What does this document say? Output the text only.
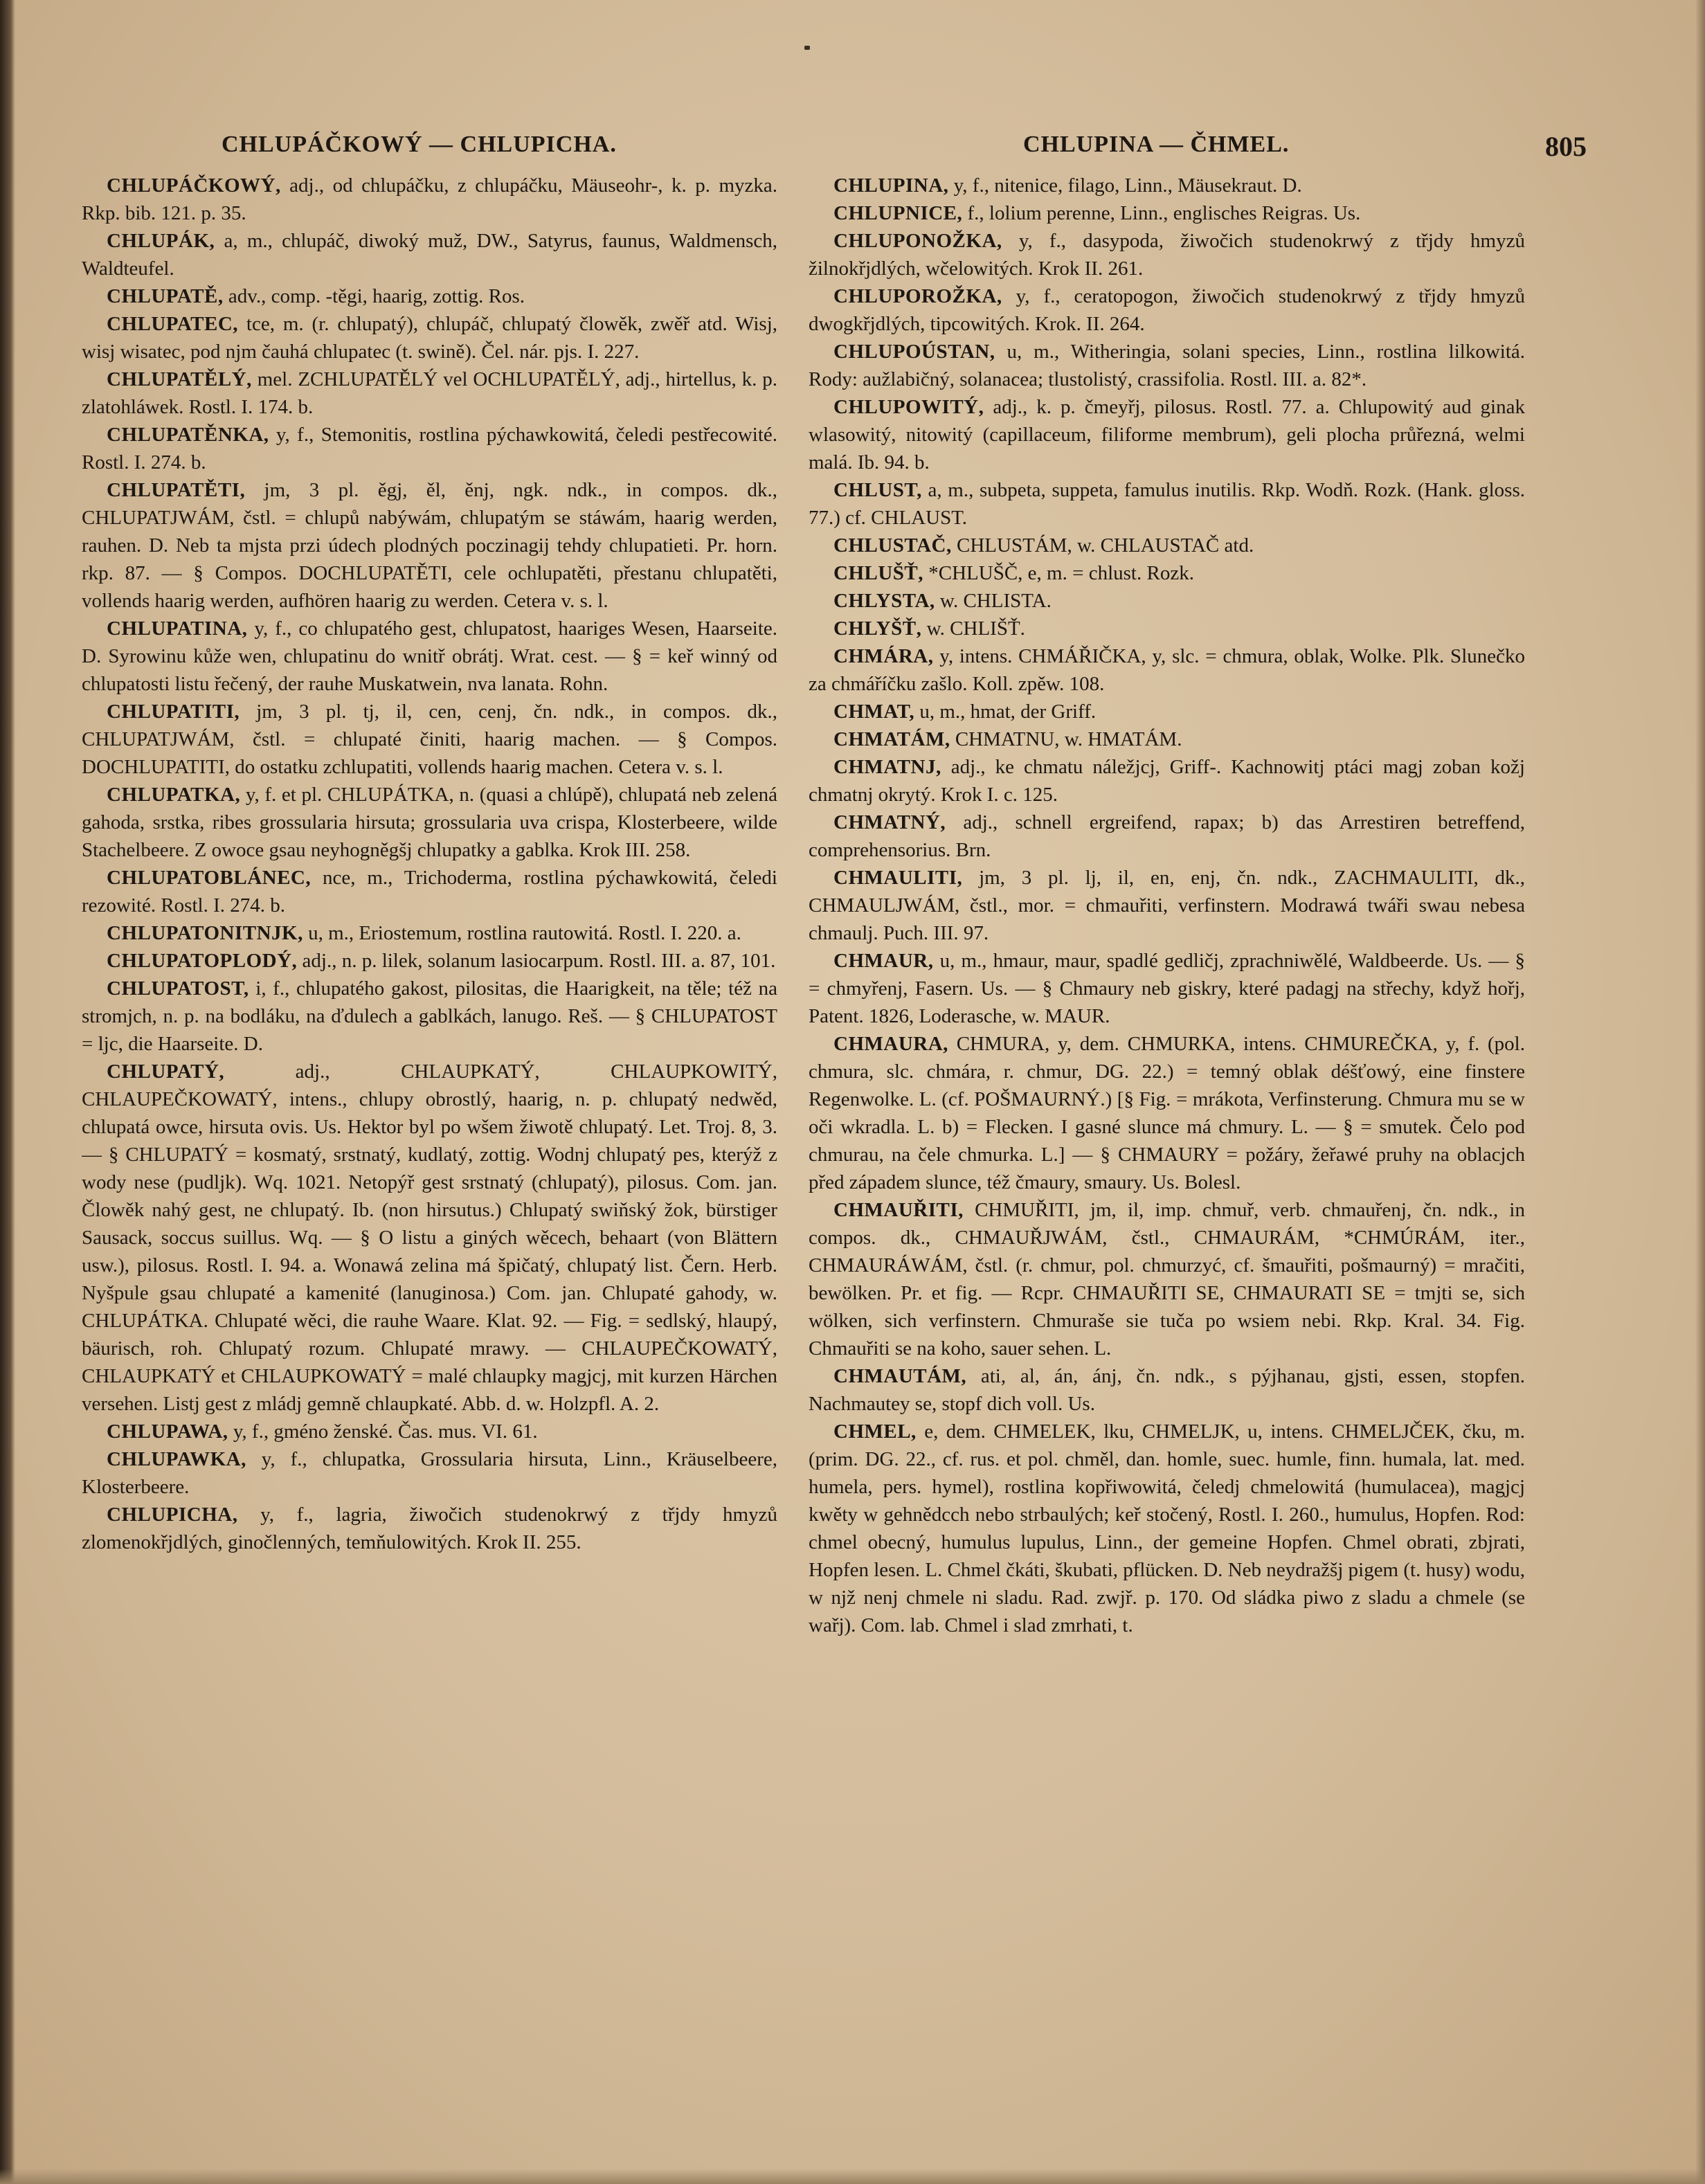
CHLUPÁČKOWÝ — CHLUPICHA.	CHLUPINA — ČHMEL.	805

CHLUPÁČKOWÝ, adj., od chlupáčku, z chlupáčku, Mäuseohr-, k. p. myzka. Rkp. bib. 121. p. 35.

CHLUPÁK, a, m., chlupáč, diwoký muž, DW., Satyrus, faunus, Waldmensch, Waldteufel.

CHLUPATĚ, adv., comp. -těgi, haarig, zottig. Ros.

CHLUPATEC, tce, m. (r. chlupatý), chlupáč, chlupatý člowěk, zwěř atd. Wisj, wisj wisatec, pod njm čauhá chlupatec (t. swině). Čel. nár. pjs. I. 227.

CHLUPATĚLÝ, mel. ZCHLUPATĚLÝ vel OCHLUPATĚLÝ, adj., hirtellus, k. p. zlatohláwek. Rostl. I. 174. b.

CHLUPATĚNKA, y, f., Stemonitis, rostlina pýchawkowitá, čeledi pestřecowité. Rostl. I. 274. b.

CHLUPATĚTI, jm, 3 pl. ěgj, ěl, ěnj, ngk. ndk., in compos. dk., CHLUPATJWÁM, čstl. = chlupů nabýwám, chlupatým se stáwám, haarig werden, rauhen. D. Neb ta mjsta przi údech plodných poczinagij tehdy chlupatieti. Pr. horn. rkp. 87. — § Compos. DOCHLUPATĚTI, cele ochlupatěti, přestanu chlupatěti, vollends haarig werden, aufhören haarig zu werden. Cetera v. s. l.

CHLUPATINA, y, f., co chlupatého gest, chlupatost, haariges Wesen, Haarseite. D. Syrowinu kůže wen, chlupatinu do wnitř obrátj. Wrat. cest. — § = keř winný od chlupatosti listu řečený, der rauhe Muskatwein, nva lanata. Rohn.

CHLUPATITI, jm, 3 pl. tj, il, cen, cenj, čn. ndk., in compos. dk., CHLUPATJWÁM, čstl. = chlupaté činiti, haarig machen. — § Compos. DOCHLUPATITI, do ostatku zchlupatiti, vollends haarig machen. Cetera v. s. l.

CHLUPATKA, y, f. et pl. CHLUPÁTKA, n. (quasi a chlúpě), chlupatá neb zelená gahoda, srstka, ribes grossularia hirsuta; grossularia uva crispa, Klosterbeere, wilde Stachelbeere. Z owoce gsau neyhogněgšj chlupatky a gablka. Krok III. 258.

CHLUPATOBLÁNEC, nce, m., Trichoderma, rostlina pýchawkowitá, čeledi rezowité. Rostl. I. 274. b.

CHLUPATONITNJK, u, m., Eriostemum, rostlina rautowitá. Rostl. I. 220. a.

CHLUPATOPLODÝ, adj., n. p. lilek, solanum lasiocarpum. Rostl. III. a. 87, 101.

CHLUPATOST, i, f., chlupatého gakost, pilositas, die Haarigkeit, na těle; též na stromjch, n. p. na bodláku, na ďdulech a gablkách, lanugo. Reš. — § CHLUPATOST = ljc, die Haarseite. D.

CHLUPATÝ, adj., CHLAUPKATÝ, CHLAUPKOWITÝ, CHLAUPEČKOWATÝ, intens., chlupy obrostlý, haarig, n. p. chlupatý nedwěd, chlupatá owce, hirsuta ovis. Us. Hektor byl po wšem žiwotě chlupatý. Let. Troj. 8, 3. — § CHLUPATÝ = kosmatý, srstnatý, kudlatý, zottig. Wodnj chlupatý pes, kterýž z wody nese (pudljk). Wq. 1021. Netopýř gest srstnatý (chlupatý), pilosus. Com. jan. Člowěk nahý gest, ne chlupatý. Ib. (non hirsutus.) Chlupatý swiňský žok, bürstiger Sausack, soccus suillus. Wq. — § O listu a giných wěcech, behaart (von Blättern usw.), pilosus. Rostl. I. 94. a. Wonawá zelina má špičatý, chlupatý list. Čern. Herb. Nyšpule gsau chlupaté a kamenité (lanuginosa.) Com. jan. Chlupaté gahody, w. CHLUPÁTKA. Chlupaté wěci, die rauhe Waare. Klat. 92. — Fig. = sedlský, hlaupý, bäurisch, roh. Chlupatý rozum. Chlupaté mrawy. — CHLAUPEČKOWATÝ, CHLAUPKATÝ et CHLAUPKOWATÝ = malé chlaupky magjcj, mit kurzen Härchen versehen. Listj gest z mládj gemně chlaupkaté. Abb. d. w. Holzpfl. A. 2.

CHLUPAWA, y, f., gméno ženské. Čas. mus. VI. 61.

CHLUPAWKA, y, f., chlupatka, Grossularia hirsuta, Linn., Kräuselbeere, Klosterbeere.

CHLUPICHA, y, f., lagria, žiwočich studenokrwý z třjdy hmyzů zlomenokřjdlých, ginočlenných, temňulowitých. Krok II. 255.

CHLUPINA, y, f., nitenice, filago, Linn., Mäusekraut. D.

CHLUPNICE, f., lolium perenne, Linn., englisches Reigras. Us.

CHLUPONOŽKA, y, f., dasypoda, žiwočich studenokrwý z třjdy hmyzů žilnokřjdlých, wčelowitých. Krok II. 261.

CHLUPOROŽKA, y, f., ceratopogon, žiwočich studenokrwý z třjdy hmyzů dwogkřjdlých, tipcowitých. Krok. II. 264.

CHLUPOÚSTAN, u, m., Witheringia, solani species, Linn., rostlina lilkowitá. Rody: aužlabičný, solanacea; tlustolistý, crassifolia. Rostl. III. a. 82*.

CHLUPOWITÝ, adj., k. p. čmeyřj, pilosus. Rostl. 77. a. Chlupowitý aud ginak wlasowitý, nitowitý (capillaceum, filiforme membrum), geli plocha průřezná, welmi malá. Ib. 94. b.

CHLUST, a, m., subpeta, suppeta, famulus inutilis. Rkp. Wodň. Rozk. (Hank. gloss. 77.) cf. CHLAUST.

CHLUSTAČ, CHLUSTÁM, w. CHLAUSTAČ atd.

CHLUŠŤ, *CHLUŠČ, e, m. = chlust. Rozk.

CHLYSTA, w. CHLISTA.

CHLYŠŤ, w. CHLIŠŤ.

CHMÁRA, y, intens. CHMÁŘIČKA, y, slc. = chmura, oblak, Wolke. Plk. Slunečko za chmáříčku zašlo. Koll. zpěw. 108.

CHMAT, u, m., hmat, der Griff.

CHMATÁM, CHMATNU, w. HMATÁM.

CHMATNJ, adj., ke chmatu náležjcj, Griff-. Kachnowitj ptáci magj zoban kožj chmatnj okrytý. Krok I. c. 125.

CHMATNÝ, adj., schnell ergreifend, rapax; b) das Arrestiren betreffend, comprehensorius. Brn.

CHMAULITI, jm, 3 pl. lj, il, en, enj, čn. ndk., ZACHMAULITI, dk., CHMAULJWÁM, čstl., mor. = chmauřiti, verfinstern. Modrawá twáři swau nebesa chmaulj. Puch. III. 97.

CHMAUR, u, m., hmaur, maur, spadlé gedličj, zprachniwělé, Waldbeerde. Us. — § = chmyřenj, Fasern. Us. — § Chmaury neb giskry, které padagj na střechy, když hořj, Patent. 1826, Loderasche, w. MAUR.

CHMAURA, CHMURA, y, dem. CHMURKA, intens. CHMUREČKA, y, f. (pol. chmura, slc. chmára, r. chmur, DG. 22.) = temný oblak déšťowý, eine finstere Regenwolke. L. (cf. POŠMAURNÝ.) [§ Fig. = mrákota, Verfinsterung. Chmura mu se w oči wkradla. L. b) = Flecken. I gasné slunce má chmury. L. — § = smutek. Čelo pod chmurau, na čele chmurka. L.] — § CHMAURY = požáry, žeřawé pruhy na oblacjch před západem slunce, též čmaury, smaury. Us. Bolesl.

CHMAUŘITI, CHMUŘITI, jm, il, imp. chmuř, verb. chmauřenj, čn. ndk., in compos. dk., CHMAUŘJWÁM, čstl., CHMAURÁM, *CHMÚRÁM, iter., CHMAURÁWÁM, čstl. (r. chmur, pol. chmurzyć, cf. šmauřiti, pošmaurný) = mračiti, bewölken. Pr. et fig. — Rcpr. CHMAUŘITI SE, CHMAURATI SE = tmjti se, sich wölken, sich verfinstern. Chmuraše sie tuča po wsiem nebi. Rkp. Kral. 34. Fig. Chmauřiti se na koho, sauer sehen. L.

CHMAUTÁM, ati, al, án, ánj, čn. ndk., s pýjhanau, gjsti, essen, stopfen. Nachmautey se, stopf dich voll. Us.

CHMEL, e, dem. CHMELEK, lku, CHMELJK, u, intens. CHMELJČEK, čku, m. (prim. DG. 22., cf. rus. et pol. chměl, dan. homle, suec. humle, finn. humala, lat. med. humela, pers. hymel), rostlina kopřiwowitá, čeledj chmelowitá (humulacea), magjcj kwěty w gehnědcch nebo strbaulých; keř stočený, Rostl. I. 260., humulus, Hopfen. Rod: chmel obecný, humulus lupulus, Linn., der gemeine Hopfen. Chmel obrati, zbjrati, Hopfen lesen. L. Chmel čkáti, škubati, pflücken. D. Neb neydražšj pigem (t. husy) wodu, w njž nenj chmele ni sladu. Rad. zwjř. p. 170. Od sládka piwo z sladu a chmele (se wařj). Com. lab. Chmel i slad zmrhati, t.
